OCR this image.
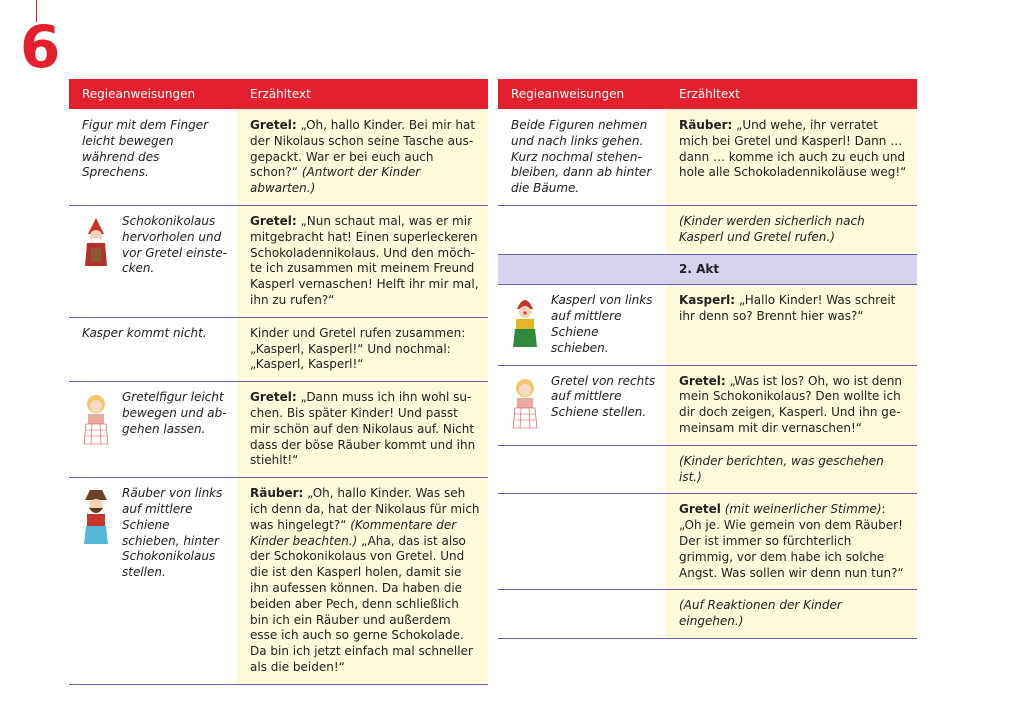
6
Regieanweisungen	Erzähltext
Figur mit dem Finger leicht bewegen während des Sprechens.	Gretel: „Oh, hallo Kinder. Bei mir hat der Nikolaus schon seine Tasche ausgepackt. War er bei euch auch schon?“ (Antwort der Kinder abwarten.)

Schokonikolaus hervorholen und vor Gretel einstecken.	Gretel: „Nun schaut mal, was er mir mitgebracht hat! Einen superleckeren Schokoladennikolaus. Und den möchte ich zusammen mit meinem Freund Kasperl vernaschen! Helft ihr mir mal, ihn zu rufen?“
Kasper kommt nicht.	Kinder und Gretel rufen zusammen: „Kasperl, Kasperl!“ Und nochmal: „Kasperl, Kasperl!“

Gretelfigur leicht bewegen und abgehen lassen.	Gretel: „Dann muss ich ihn wohl suchen. Bis später Kinder! Und passt mir schön auf den Nikolaus auf. Nicht dass der böse Räuber kommt und ihn stiehlt!“

Räuber von links auf mittlere Schiene schieben, hinter Schokonikolaus stellen.	Räuber: „Oh, hallo Kinder. Was seh ich denn da, hat der Nikolaus für mich was hingelegt?“ (Kommentare der Kinder beachten.) „Aha, das ist also der Schokonikolaus von Gretel. Und die ist den Kasperl holen, damit sie ihn aufessen können. Da haben die beiden aber Pech, denn schließlich bin ich ein Räuber und außerdem esse ich auch so gerne Schokolade. Da bin ich jetzt einfach mal schneller als die beiden!“
Regieanweisungen	Erzähltext
Beide Figuren nehmen und nach links gehen. Kurz nochmal stehenbleiben, dann ab hinter die Bäume.	Räuber: „Und wehe, ihr verratet mich bei Gretel und Kasperl! Dann … dann … komme ich auch zu euch und hole alle Schokoladennikoläuse weg!“
	(Kinder werden sicherlich nach Kasperl und Gretel rufen.)
	2. Akt

Kasperl von links auf mittlere Schiene schieben.	Kasperl: „Hallo Kinder! Was schreit ihr denn so? Brennt hier was?“

Gretel von rechts auf mittlere Schiene stellen.	Gretel: „Was ist los? Oh, wo ist denn mein Schokonikolaus? Den wollte ich dir doch zeigen, Kasperl. Und ihn gemeinsam mit dir vernaschen!“
	(Kinder berichten, was geschehen ist.)
	Gretel (mit weinerlicher Stimme): „Oh je. Wie gemein von dem Räuber! Der ist immer so fürchterlich grimmig, vor dem habe ich solche Angst. Was sollen wir denn nun tun?“
	(Auf Reaktionen der Kinder eingehen.)
